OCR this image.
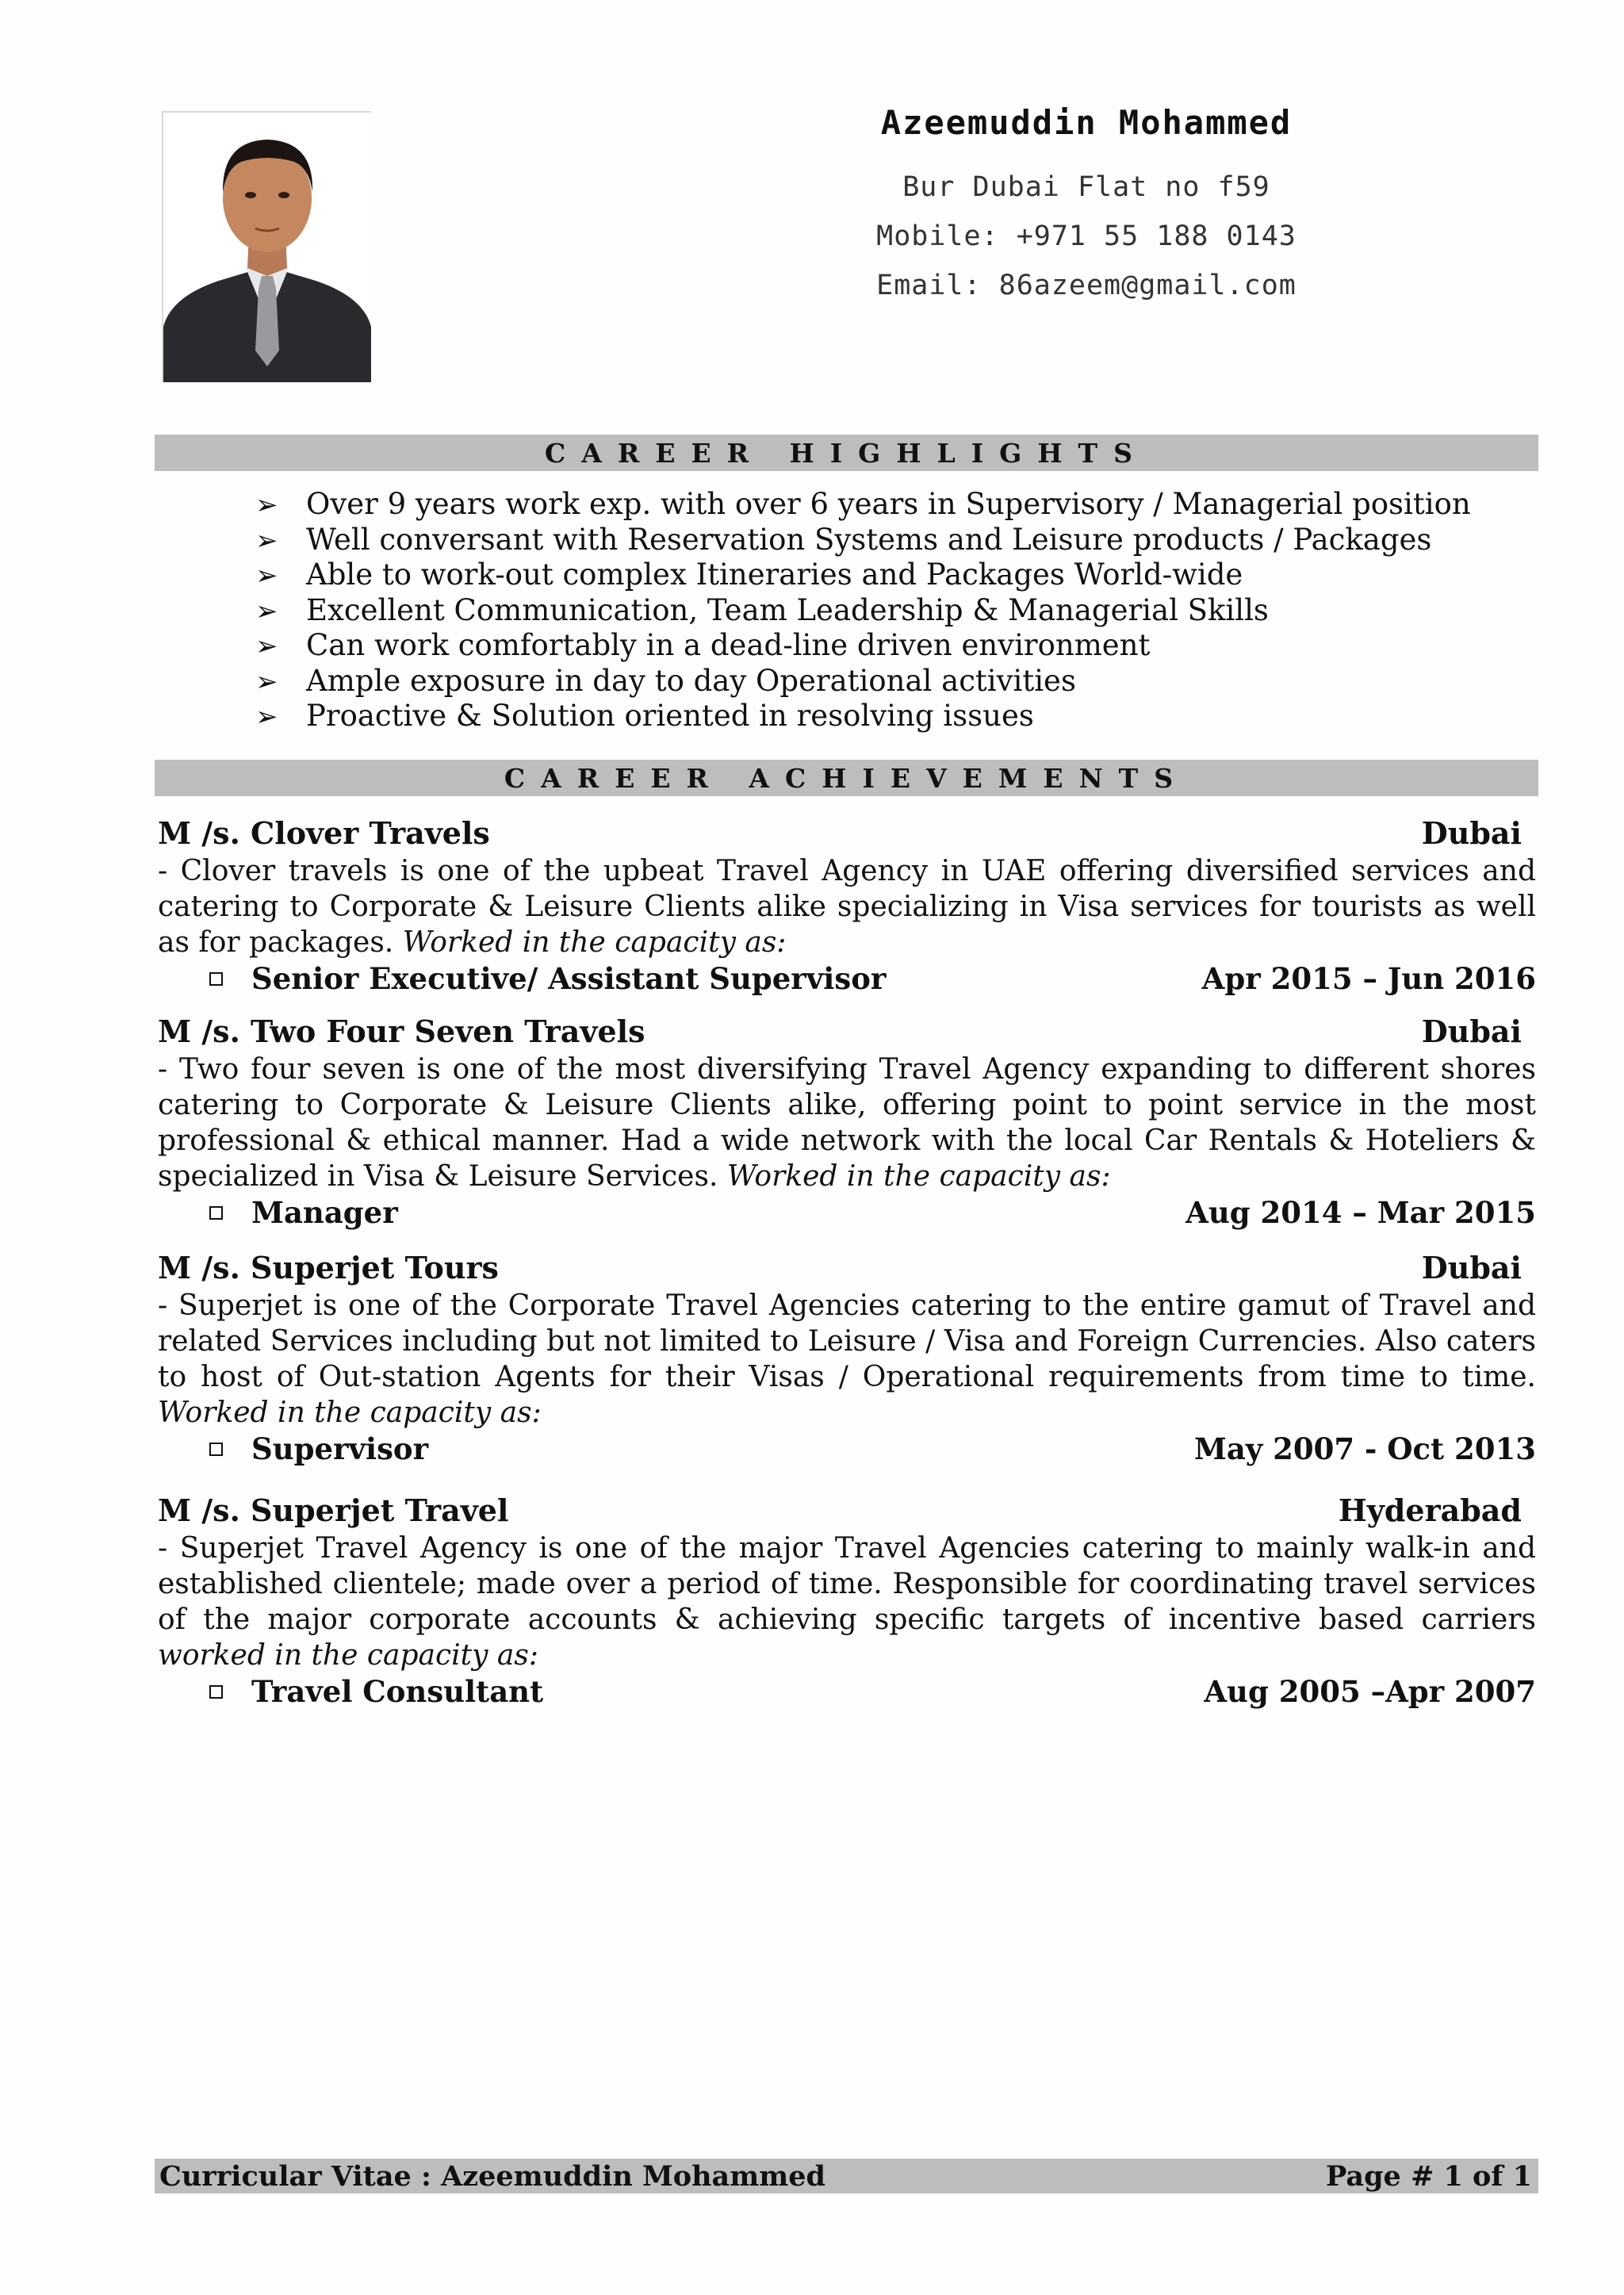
Azeemuddin Mohammed
Bur Dubai Flat no f59
Mobile: +971 55 188 0143
Email: 86azeem@gmail.com
CAREER HIGHLIGHTS
➢ Over 9 years work exp. with over 6 years in Supervisory / Managerial position
➢ Well conversant with Reservation Systems and Leisure products / Packages
➢ Able to work-out complex Itineraries and Packages World-wide
➢ Excellent Communication, Team Leadership & Managerial Skills
➢ Can work comfortably in a dead-line driven environment
➢ Ample exposure in day to day Operational activities
➢ Proactive & Solution oriented in resolving issues
CAREER ACHIEVEMENTS
M /s. Clover Travels	Dubai

- Clover travels is one of the upbeat Travel Agency in UAE offering diversified services and catering to Corporate & Leisure Clients alike specializing in Visa services for tourists as well as for packages. Worked in the capacity as:

Senior Executive/ Assistant Supervisor	Apr 2015 – Jun 2016
M /s. Two Four Seven Travels	Dubai

- Two four seven is one of the most diversifying Travel Agency expanding to different shores catering to Corporate & Leisure Clients alike, offering point to point service in the most professional & ethical manner. Had a wide network with the local Car Rentals & Hoteliers & specialized in Visa & Leisure Services. Worked in the capacity as:

Manager	Aug 2014 – Mar 2015
M /s. Superjet Tours	Dubai

- Superjet is one of the Corporate Travel Agencies catering to the entire gamut of Travel and related Services including but not limited to Leisure / Visa and Foreign Currencies. Also caters to host of Out-station Agents for their Visas / Operational requirements from time to time. Worked in the capacity as:

Supervisor	May 2007 - Oct 2013
M /s. Superjet Travel	Hyderabad

- Superjet Travel Agency is one of the major Travel Agencies catering to mainly walk-in and established clientele; made over a period of time. Responsible for coordinating travel services of the major corporate accounts & achieving specific targets of incentive based carriers worked in the capacity as:

Travel Consultant	Aug 2005 –Apr 2007
Curricular Vitae : Azeemuddin Mohammed	Page # 1 of 1
